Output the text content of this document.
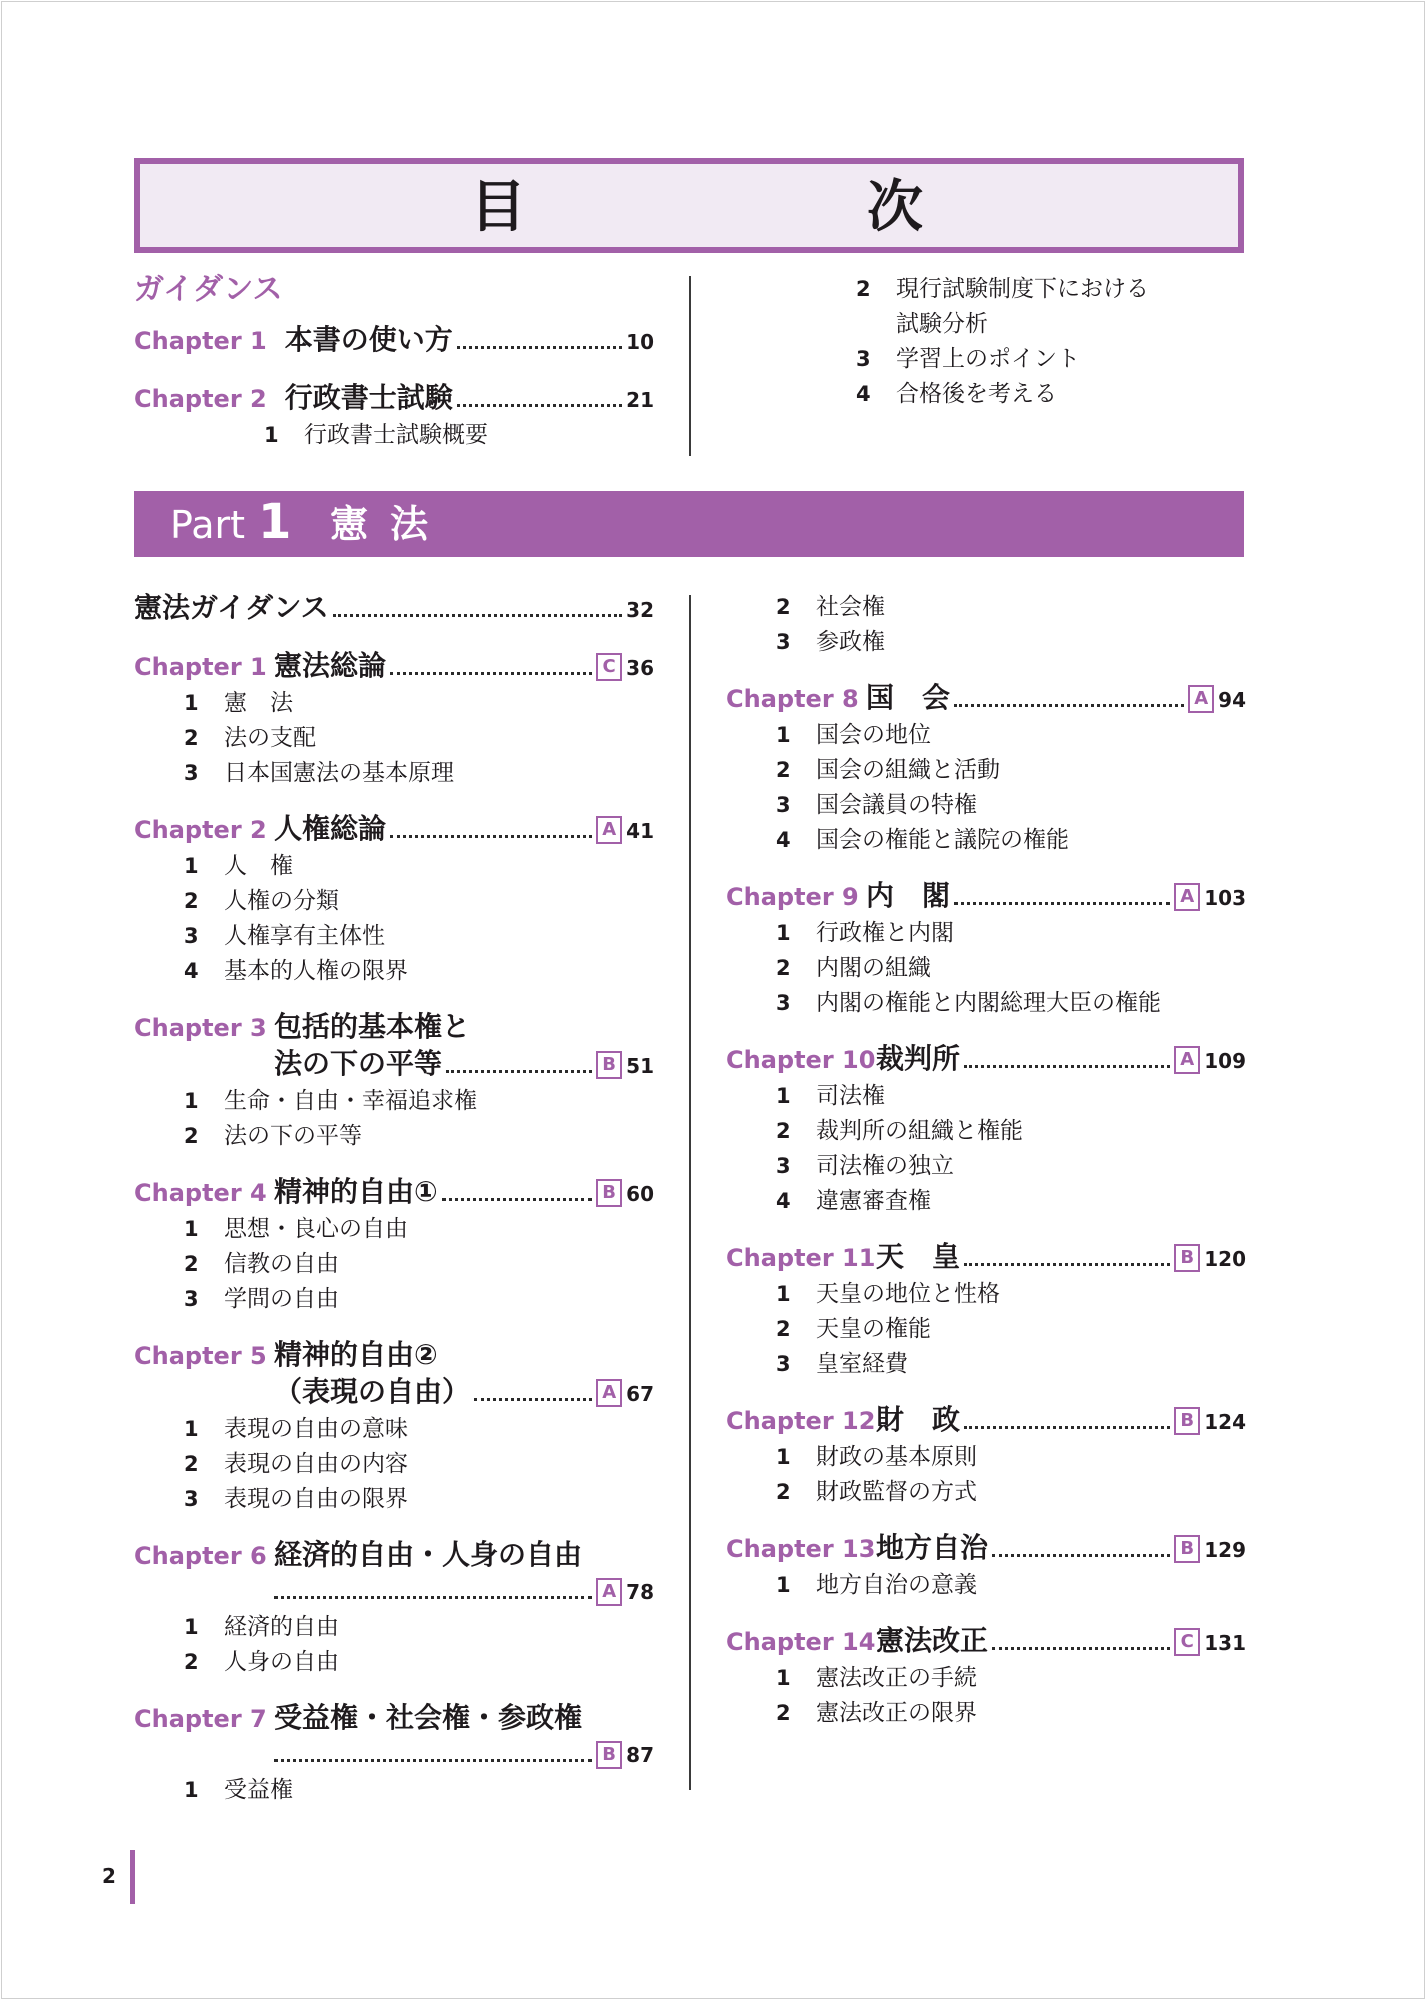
目	次
ガイダンス
Chapter 1 本書の使い方	10
Chapter 2 行政書士試験	21
1 行政書士試験概要
2 現行試験制度下における
試験分析
3 学習上のポイント
4 合格後を考える
Part 1 憲法
憲法ガイダンス	32
Chapter 1 憲法総論	C 36
1 憲　法
2 法の支配
3 日本国憲法の基本原理
Chapter 2 人権総論	A 41
1 人　権
2 人権の分類
3 人権享有主体性
4 基本的人権の限界
Chapter 3 包括的基本権と
法の下の平等	B 51
1 生命・自由・幸福追求権
2 法の下の平等
Chapter 4 精神的自由①	B 60
1 思想・良心の自由
2 信教の自由
3 学問の自由
Chapter 5 精神的自由②
（表現の自由）	A 67
1 表現の自由の意味
2 表現の自由の内容
3 表現の自由の限界
Chapter 6 経済的自由・人身の自由
A 78
1 経済的自由
2 人身の自由
Chapter 7 受益権・社会権・参政権
B 87
1 受益権
2 社会権
3 参政権
Chapter 8 国　会	A 94
1 国会の地位
2 国会の組織と活動
3 国会議員の特権
4 国会の権能と議院の権能
Chapter 9 内　閣	A 103
1 行政権と内閣
2 内閣の組織
3 内閣の権能と内閣総理大臣の権能
Chapter 10 裁判所	A 109
1 司法権
2 裁判所の組織と権能
3 司法権の独立
4 違憲審査権
Chapter 11 天　皇	B 120
1 天皇の地位と性格
2 天皇の権能
3 皇室経費
Chapter 12 財　政	B 124
1 財政の基本原則
2 財政監督の方式
Chapter 13 地方自治	B 129
1 地方自治の意義
Chapter 14 憲法改正	C 131
1 憲法改正の手続
2 憲法改正の限界
2
